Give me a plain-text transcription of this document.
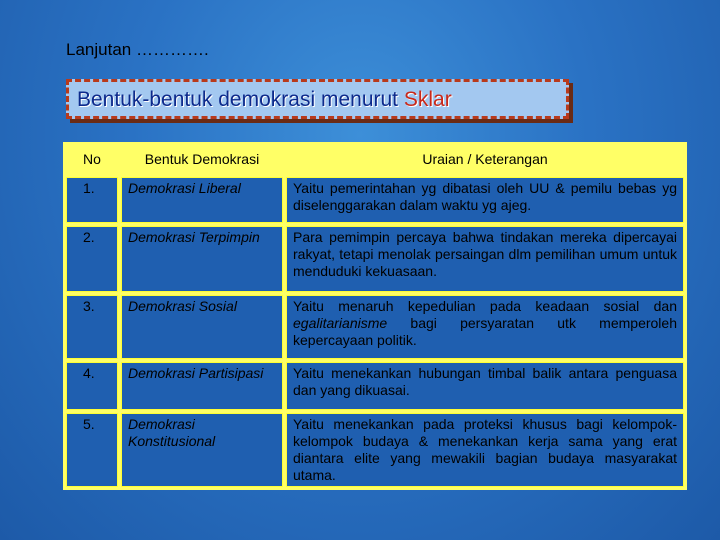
Lanjutan ………….
Bentuk-bentuk demokrasi menurut Sklar
No	Bentuk Demokrasi	Uraian / Keterangan
1.	Demokrasi Liberal	Yaitu pemerintahan yg dibatasi oleh UU & pemilu bebas yg diselenggarakan dalam waktu yg ajeg.
2.	Demokrasi Terpimpin	Para pemimpin percaya bahwa tindakan mereka dipercayai rakyat, tetapi menolak persaingan dlm pemilihan umum untuk menduduki kekuasaan.
3.	Demokrasi Sosial	Yaitu menaruh kepedulian pada keadaan sosial dan egalitarianisme bagi persyaratan utk memperoleh kepercayaan politik.
4.	Demokrasi Partisipasi	Yaitu menekankan hubungan timbal balik antara penguasa dan yang dikuasai.
5.	Demokrasi Konstitusional	Yaitu menekankan pada proteksi khusus bagi kelompok-kelompok budaya & menekankan kerja sama yang erat diantara elite yang mewakili bagian budaya masyarakat utama.
